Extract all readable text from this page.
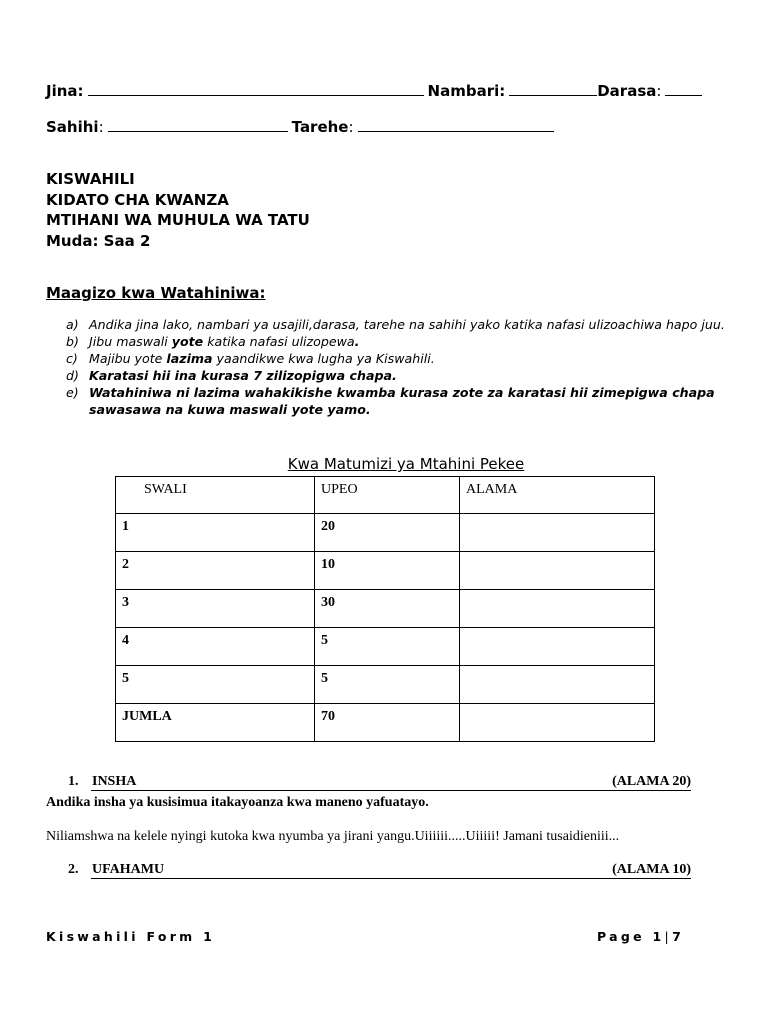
Jina:	Nambari:	Darasa :
Sahihi :	Tarehe :
KISWAHILI
KIDATO CHA KWANZA
MTIHANI WA MUHULA WA TATU
Muda: Saa 2
Maagizo kwa Watahiniwa:
a) Andika jina lako, nambari ya usajili,darasa, tarehe na sahihi yako katika nafasi ulizoachiwa hapo juu.
b) Jibu maswali yote katika nafasi ulizopewa.
c) Majibu yote lazima yaandikwe kwa lugha ya Kiswahili.
d) Karatasi hii ina kurasa 7 zilizopigwa chapa.
e) Watahiniwa ni lazima wahakikishe kwamba kurasa zote za karatasi hii zimepigwa chapa sawasawa na kuwa maswali yote yamo.
Kwa Matumizi ya Mtahini Pekee
SWALI	UPEO	ALAMA
1	20	
2	10	
3	30	
4	5	
5	5	
JUMLA	70	
1. INSHA	(ALAMA 20)
Andika insha ya kusisimua itakayoanza kwa maneno yafuatayo.
Niliamshwa na kelele nyingi kutoka kwa nyumba ya jirani yangu.Uiiiiii.....Uiiiii! Jamani tusaidieniii...
2. UFAHAMU	(ALAMA 10)
Kiswahili Form 1	Page 1|7
